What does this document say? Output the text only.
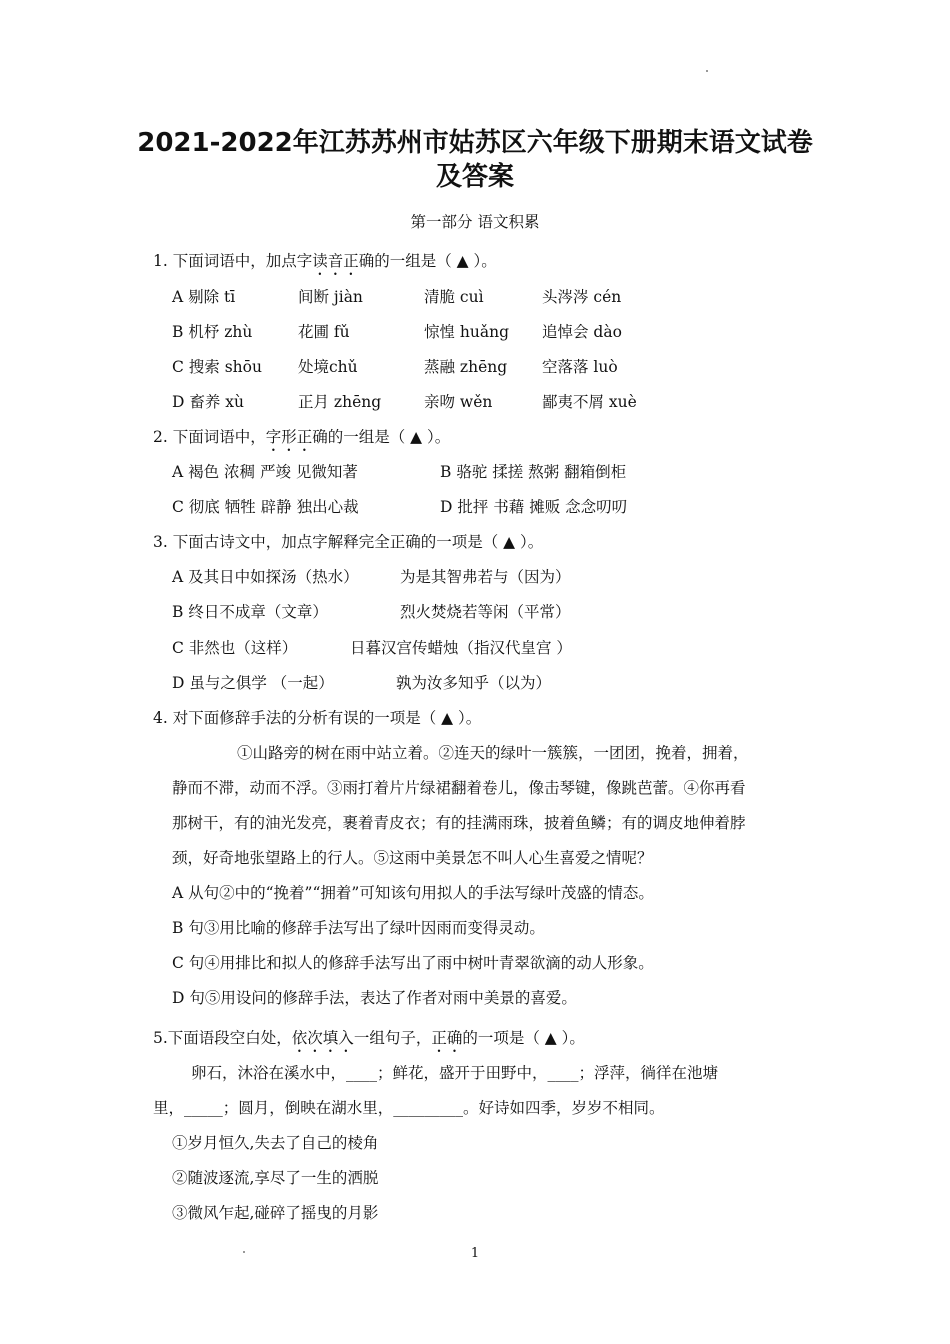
2021-2022年江苏苏州市姑苏区六年级下册期末语文试卷
及答案
第一部分 语文积累
1. 下面词语中，加点字读音正确的一组是（ ▲ ）。
A 剔除 tī	间断 jiàn	清脆 cuì	头涔涔 cén
B 机杼 zhù	花圃 fǔ	惊惶 huǎng 追悼会 dào
C 搜索 shōu 处境chǔ	蒸融 zhēng 空落落 luò
D 畜养 xù	正月 zhēng	亲吻 wěn	鄙夷不屑 xuè
2. 下面词语中，字形正确的一组是（ ▲ ）。
A 褐色 浓稠 严竣 见微知著	B 骆驼 揉搓 熬粥 翻箱倒柜
C 彻底 牺牲 辟静 独出心裁	D 批抨 书藉 摊贩 念念叨叨
3. 下面古诗文中，加点字解释完全正确的一项是（ ▲ ）。
A 及其日中如探汤（热水）	为是其智弗若与（因为）
B 终日不成章（文章）	烈火焚烧若等闲（平常）
C 非然也（这样）	日暮汉宫传蜡烛（指汉代皇宫 ）
D 虽与之俱学 （一起）	孰为汝多知乎（以为）
4. 对下面修辞手法的分析有误的一项是（ ▲ ）。
①山路旁的树在雨中站立着。②连天的绿叶一簇簇，一团团，挽着，拥着，
静而不滞，动而不浮。③雨打着片片绿裙翻着卷儿，像击琴键，像跳芭蕾。④你再看
那树干，有的油光发亮，裹着青皮衣；有的挂满雨珠，披着鱼鳞；有的调皮地伸着脖
颈，好奇地张望路上的行人。⑤这雨中美景怎不叫人心生喜爱之情呢？
A 从句②中的“挽着”“拥着”可知该句用拟人的手法写绿叶茂盛的情态。
B 句③用比喻的修辞手法写出了绿叶因雨而变得灵动。
C 句④用排比和拟人的修辞手法写出了雨中树叶青翠欲滴的动人形象。
D 句⑤用设问的修辞手法，表达了作者对雨中美景的喜爱。
5.下面语段空白处，依次填入一组句子，正确的一项是（ ▲ ）。
卵石，沐浴在溪水中，____；鲜花，盛开于田野中，____；浮萍，徜徉在池塘
里，_____；圆月，倒映在湖水里，_________。好诗如四季，岁岁不相同。
①岁月恒久,失去了自己的棱角
②随波逐流,享尽了一生的洒脱
③微风乍起,碰碎了摇曳的月影
1
